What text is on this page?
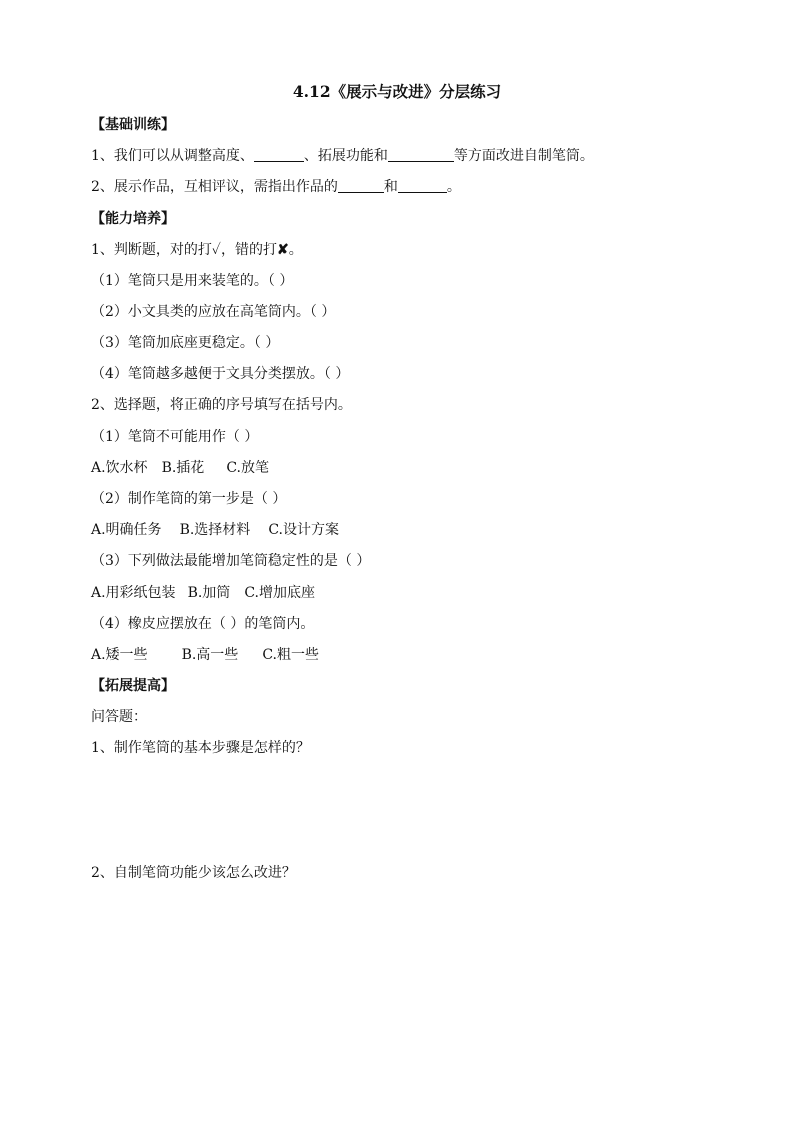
4.12《展示与改进》分层练习
【基础训练】
1、我们可以从调整高度、	、拓展功能和	等方面改进自制笔筒。
2、展示作品，互相评议，需指出作品的	和	。
【能力培养】
1、判断题，对的打✓，错的打✘。
（1）笔筒只是用来装笔的。（ ）
（2）小文具类的应放在高笔筒内。（ ）
（3）笔筒加底座更稳定。（ ）
（4）笔筒越多越便于文具分类摆放。（ ）
2、选择题，将正确的序号填写在括号内。
（1）笔筒不可能用作（ ）
A.饮水杯 B.插花 C.放笔
（2）制作笔筒的第一步是（ ）
A.明确任务 B.选择材料 C.设计方案
（3）下列做法最能增加笔筒稳定性的是（ ）
A.用彩纸包装 B.加筒 C.增加底座
（4）橡皮应摆放在（ ）的笔筒内。
A.矮一些 B.高一些 C.粗一些
【拓展提高】
问答题：
1、制作笔筒的基本步骤是怎样的？
2、自制笔筒功能少该怎么改进？
